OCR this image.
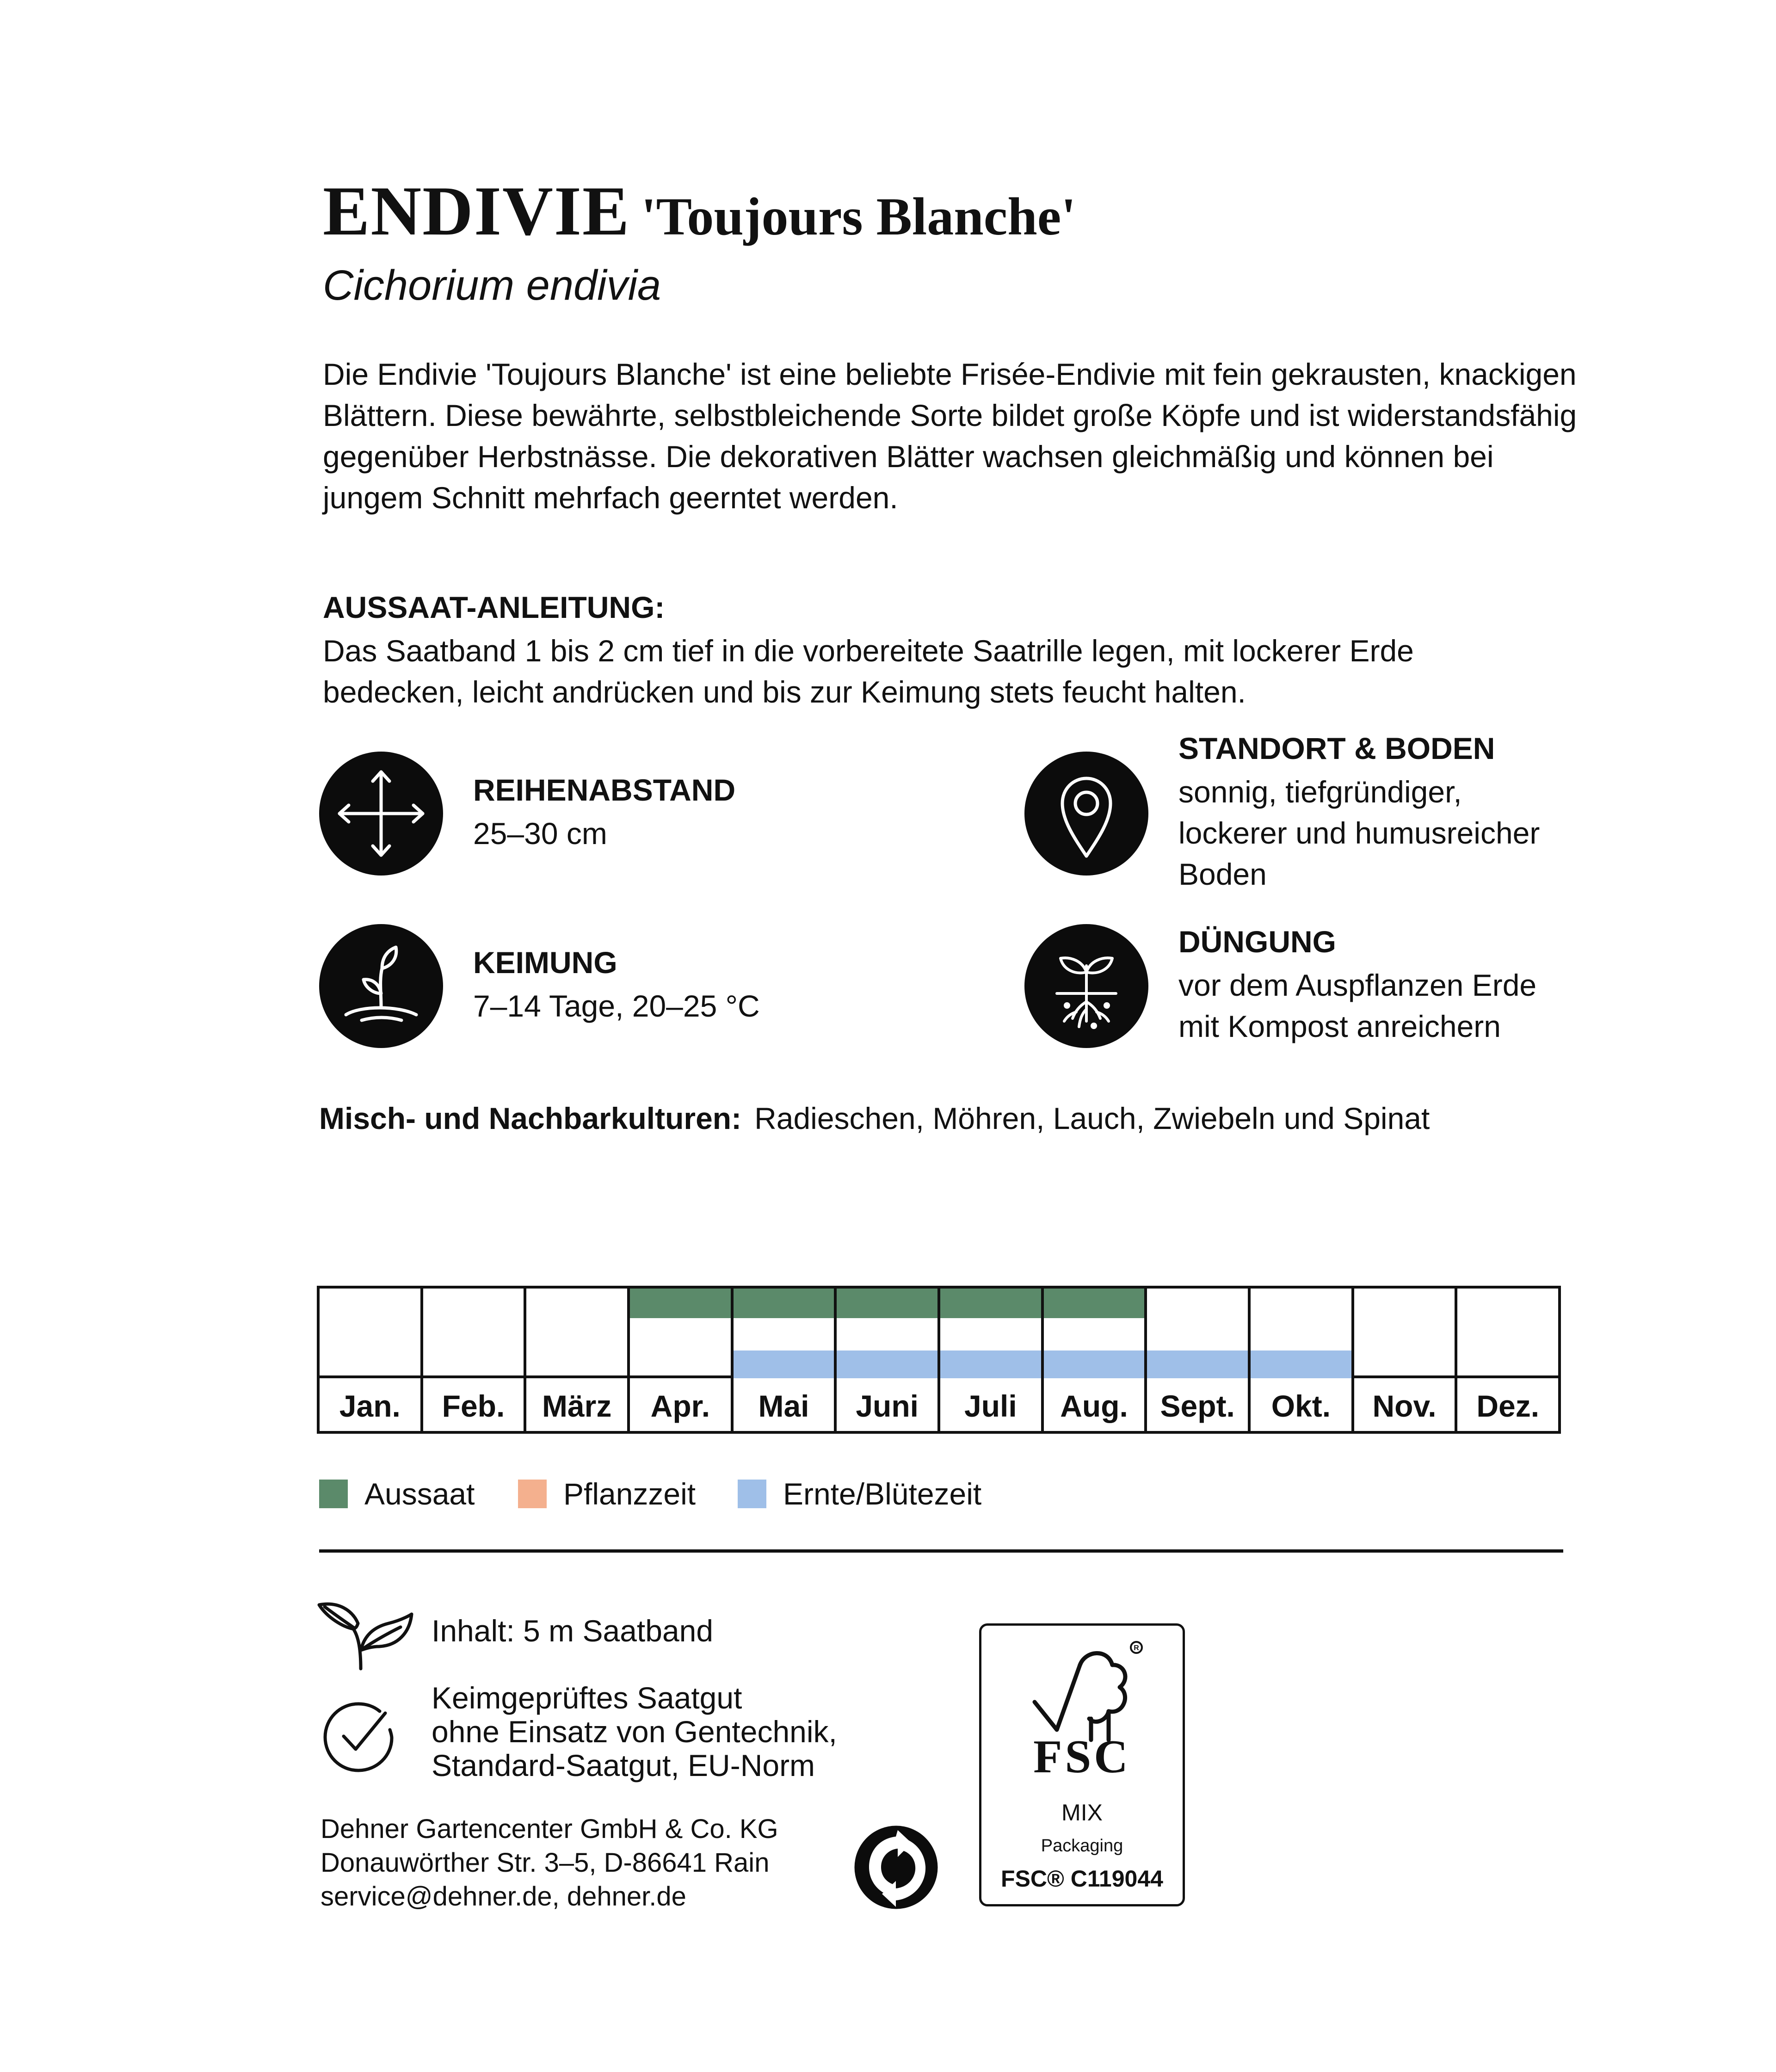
ENDIVIE 'Toujours Blanche'
Cichorium endivia
Die Endivie 'Toujours Blanche' ist eine beliebte Frisée-Endivie mit fein gekrausten, knackigen Blättern. Diese bewährte, selbstbleichende Sorte bildet große Köpfe und ist widerstandsfähig gegenüber Herbstnässe. Die dekorativen Blätter wachsen gleichmäßig und können bei jungem Schnitt mehrfach geerntet werden.
AUSSAAT-ANLEITUNG:
Das Saatband 1 bis 2 cm tief in die vorbereitete Saatrille legen, mit lockerer Erde bedecken, leicht andrücken und bis zur Keimung stets feucht halten.
REIHENABSTAND
25–30 cm
KEIMUNG
7–14 Tage, 20–25 °C
STANDORT & BODEN
sonnig, tiefgründiger, lockerer und humusreicher Boden
DÜNGUNG
vor dem Auspflanzen Erde mit Kompost anreichern
Misch- und Nachbarkulturen: Radieschen, Möhren, Lauch, Zwiebeln und Spinat
Jan.	Feb.	März	Apr.	Mai	Juni	Juli	Aug.	Sept.	Okt.	Nov.	Dez.
Aussaat	Pflanzzeit	Ernte/Blütezeit
Inhalt: 5 m Saatband
Keimgeprüftes Saatgut
ohne Einsatz von Gentechnik,
Standard-Saatgut, EU-Norm
Dehner Gartencenter GmbH & Co. KG
Donauwörther Str. 3–5, D-86641 Rain
service@dehner.de, dehner.de
R
FSC
MIX
Packaging
FSC® C119044
